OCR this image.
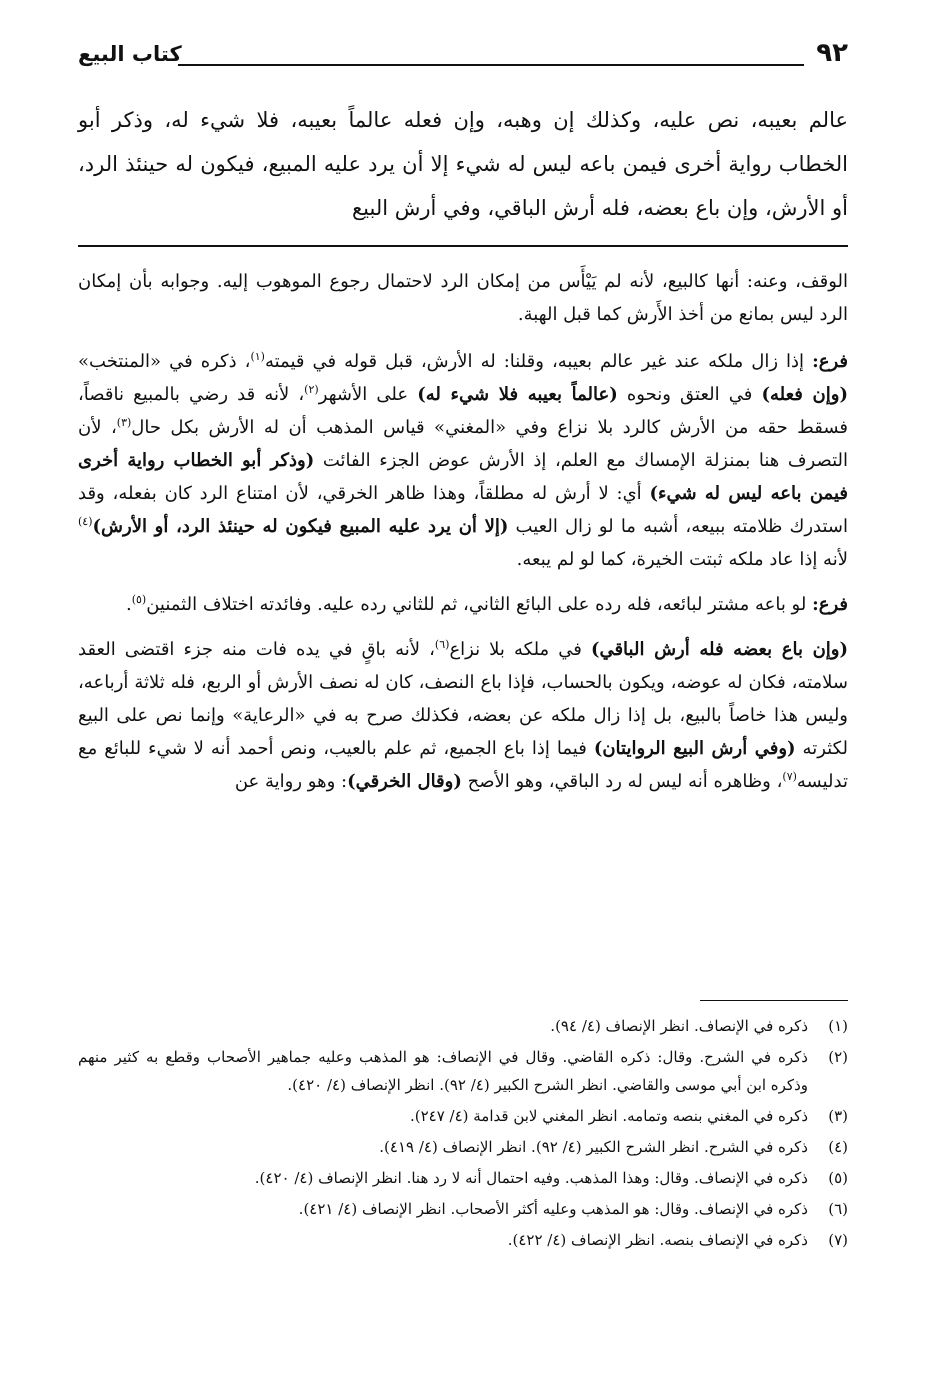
٩٢
كتاب البيع

عالم بعيبه، نص عليه، وكذلك إن وهبه، وإن فعله عالماً بعيبه، فلا شيء له، وذكر أبو الخطاب رواية أخرى فيمن باعه ليس له شيء إلا أن يرد عليه المبيع، فيكون له حينئذ الرد، أو الأرش، وإن باع بعضه، فله أرش الباقي، وفي أرش البيع

الوقف، وعنه: أنها كالبيع، لأنه لم يَيْأَس من إمكان الرد لاحتمال رجوع الموهوب إليه. وجوابه بأن إمكان الرد ليس بمانع من أخذ الأَرش كما قبل الهبة.

فرع: إذا زال ملكه عند غير عالم بعيبه، وقلنا: له الأرش، قبل قوله في قيمته$^{(١)}$، ذكره في «المنتخب» (وإن فعله) في العتق ونحوه (عالماً بعيبه فلا شيء له) على الأشهر$^{(٢)}$، لأنه قد رضي بالمبيع ناقصاً، فسقط حقه من الأرش كالرد بلا نزاع وفي «المغني» قياس المذهب أن له الأرش بكل حال$^{(٣)}$، لأن التصرف هنا بمنزلة الإمساك مع العلم، إذ الأرش عوض الجزء الفائت (وذكر أبو الخطاب رواية أخرى فيمن باعه ليس له شيء) أي: لا أرش له مطلقاً، وهذا ظاهر الخرقي، لأن امتناع الرد كان بفعله، وقد استدرك ظلامته ببيعه، أشبه ما لو زال العيب (إلا أن يرد عليه المبيع فيكون له حينئذ الرد، أو الأرش)$^{(٤)}$ لأنه إذا عاد ملكه ثبتت الخيرة، كما لو لم يبعه.

فرع: لو باعه مشتر لبائعه، فله رده على البائع الثاني، ثم للثاني رده عليه. وفائدته اختلاف الثمنين$^{(٥)}$.

(وإن باع بعضه فله أرش الباقي) في ملكه بلا نزاع$^{(٦)}$، لأنه باقٍ في يده فات منه جزء اقتضى العقد سلامته، فكان له عوضه، ويكون بالحساب، فإذا باع النصف، كان له نصف الأرش أو الربع، فله ثلاثة أرباعه، وليس هذا خاصاً بالبيع، بل إذا زال ملكه عن بعضه، فكذلك صرح به في «الرعاية» وإنما نص على البيع لكثرته (وفي أرش البيع الروايتان) فيما إذا باع الجميع، ثم علم بالعيب، ونص أحمد أنه لا شيء للبائع مع تدليسه$^{(٧)}$، وظاهره أنه ليس له رد الباقي، وهو الأصح (وقال الخرقي): وهو رواية عن

(١)
ذكره في الإنصاف. انظر الإنصاف (٤/ ٩٤).
(٢)
ذكره في الشرح. وقال: ذكره القاضي. وقال في الإنصاف: هو المذهب وعليه جماهير الأصحاب وقطع به كثير منهم وذكره ابن أبي موسى والقاضي. انظر الشرح الكبير (٤/ ٩٢). انظر الإنصاف (٤/ ٤٢٠).
(٣)
ذكره في المغني بنصه وتمامه. انظر المغني لابن قدامة (٤/ ٢٤٧).
(٤)
ذكره في الشرح. انظر الشرح الكبير (٤/ ٩٢). انظر الإنصاف (٤/ ٤١٩).
(٥)
ذكره في الإنصاف. وقال: وهذا المذهب. وفيه احتمال أنه لا رد هنا. انظر الإنصاف (٤/ ٤٢٠).
(٦)
ذكره في الإنصاف. وقال: هو المذهب وعليه أكثر الأصحاب. انظر الإنصاف (٤/ ٤٢١).
(٧)
ذكره في الإنصاف بنصه. انظر الإنصاف (٤/ ٤٢٢).
